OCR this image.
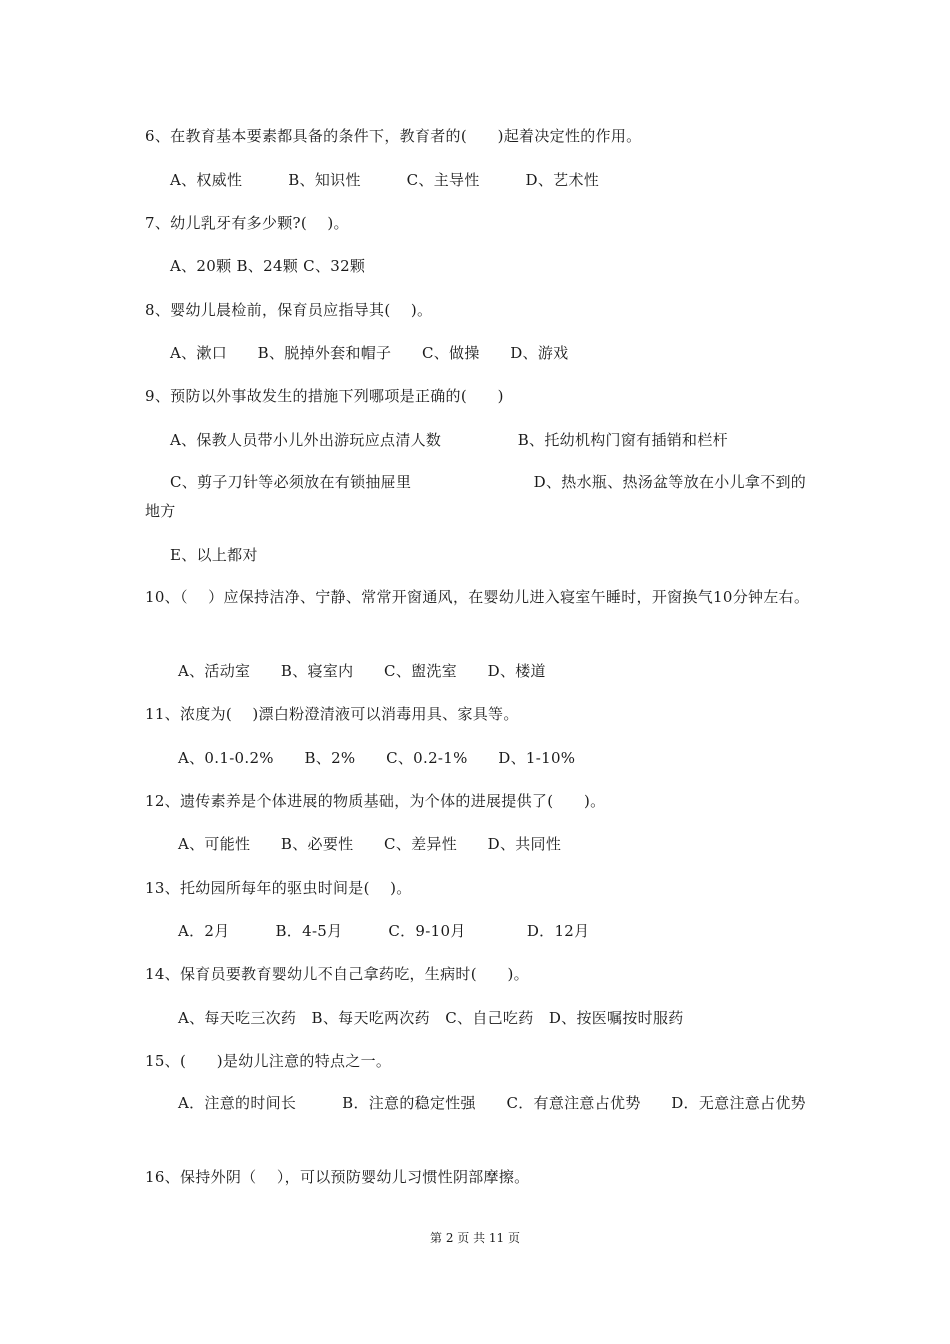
6、在教育基本要素都具备的条件下，教育者的(　　)起着决定性的作用。
A、权威性　　　B、知识性　　　C、主导性　　　D、艺术性
7、幼儿乳牙有多少颗?(　 )。
A、20颗 B、24颗 C、32颗
8、婴幼儿晨检前，保育员应指导其(　 )。
A、漱口　　B、脱掉外套和帽子　　C、做操　　D、游戏
9、预防以外事故发生的措施下列哪项是正确的(　　)
A、保教人员带小儿外出游玩应点清人数　　　　　B、托幼机构门窗有插销和栏杆
C、剪子刀针等必须放在有锁抽屉里　　　　　　　　D、热水瓶、热汤盆等放在小儿拿不到的地方
E、以上都对
10、（　 ）应保持洁净、宁静、常常开窗通风，在婴幼儿进入寝室午睡时，开窗换气10分钟左右。
A、活动室　　B、寝室内　　C、盥洗室　　D、楼道
11、浓度为(　 )漂白粉澄清液可以消毒用具、家具等。
A、0.1-0.2%　　B、2%　　C、0.2-1%　　D、1-10%
12、遗传素养是个体进展的物质基础，为个体的进展提供了(　　)。
A、可能性　　B、必要性　　C、差异性　　D、共同性
13、托幼园所每年的驱虫时间是(　 )。
A．2月　　　B．4-5月　　　C．9-10月　　　　D．12月
14、保育员要教育婴幼儿不自己拿药吃，生病时(　　)。
A、每天吃三次药　B、每天吃两次药　C、自己吃药　D、按医嘱按时服药
15、(　　)是幼儿注意的特点之一。
A．注意的时间长　　　B．注意的稳定性强　　C．有意注意占优势　　D．无意注意占优势
16、保持外阴（　 ），可以预防婴幼儿习惯性阴部摩擦。
第 2 页 共 11 页
